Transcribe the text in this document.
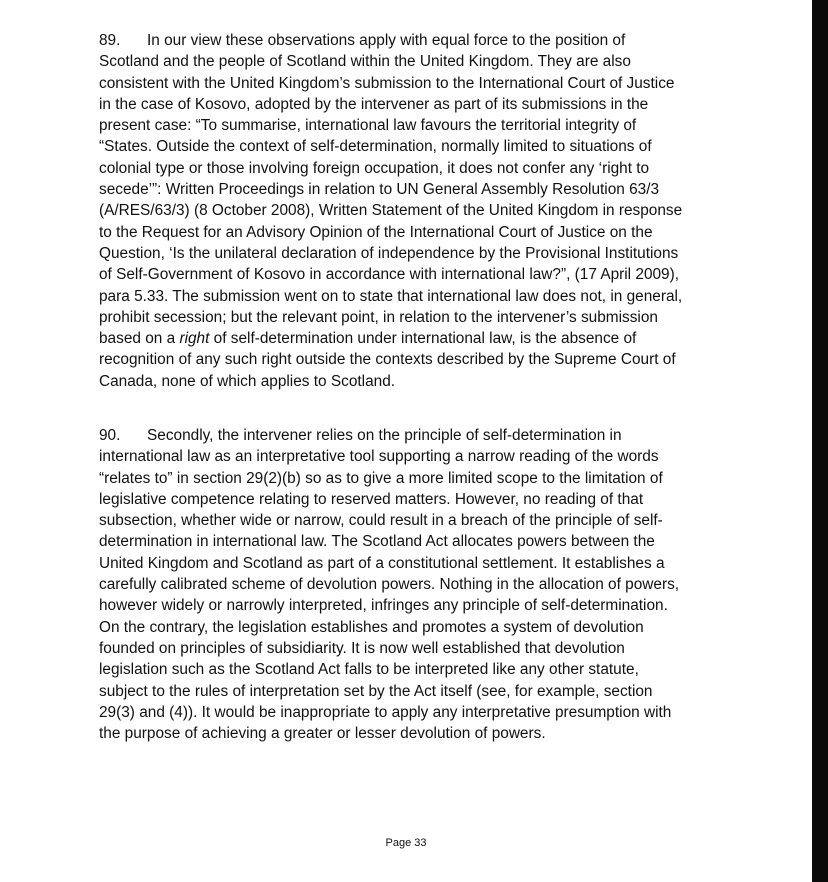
89. In our view these observations apply with equal force to the position of
Scotland and the people of Scotland within the United Kingdom. They are also
consistent with the United Kingdom’s submission to the International Court of Justice
in the case of Kosovo, adopted by the intervener as part of its submissions in the
present case: “To summarise, international law favours the territorial integrity of
“States. Outside the context of self-determination, normally limited to situations of
colonial type or those involving foreign occupation, it does not confer any ‘right to
secede’”: Written Proceedings in relation to UN General Assembly Resolution 63/3
(A/RES/63/3) (8 October 2008), Written Statement of the United Kingdom in response
to the Request for an Advisory Opinion of the International Court of Justice on the
Question, ‘Is the unilateral declaration of independence by the Provisional Institutions
of Self-Government of Kosovo in accordance with international law?”, (17 April 2009),
para 5.33. The submission went on to state that international law does not, in general,
prohibit secession; but the relevant point, in relation to the intervener’s submission
based on a right of self-determination under international law, is the absence of
recognition of any such right outside the contexts described by the Supreme Court of
Canada, none of which applies to Scotland.

90. Secondly, the intervener relies on the principle of self-determination in
international law as an interpretative tool supporting a narrow reading of the words
“relates to” in section 29(2)(b) so as to give a more limited scope to the limitation of
legislative competence relating to reserved matters. However, no reading of that
subsection, whether wide or narrow, could result in a breach of the principle of self-
determination in international law. The Scotland Act allocates powers between the
United Kingdom and Scotland as part of a constitutional settlement. It establishes a
carefully calibrated scheme of devolution powers. Nothing in the allocation of powers,
however widely or narrowly interpreted, infringes any principle of self-determination.
On the contrary, the legislation establishes and promotes a system of devolution
founded on principles of subsidiarity. It is now well established that devolution
legislation such as the Scotland Act falls to be interpreted like any other statute,
subject to the rules of interpretation set by the Act itself (see, for example, section
29(3) and (4)). It would be inappropriate to apply any interpretative presumption with
the purpose of achieving a greater or lesser devolution of powers.

Page 33
